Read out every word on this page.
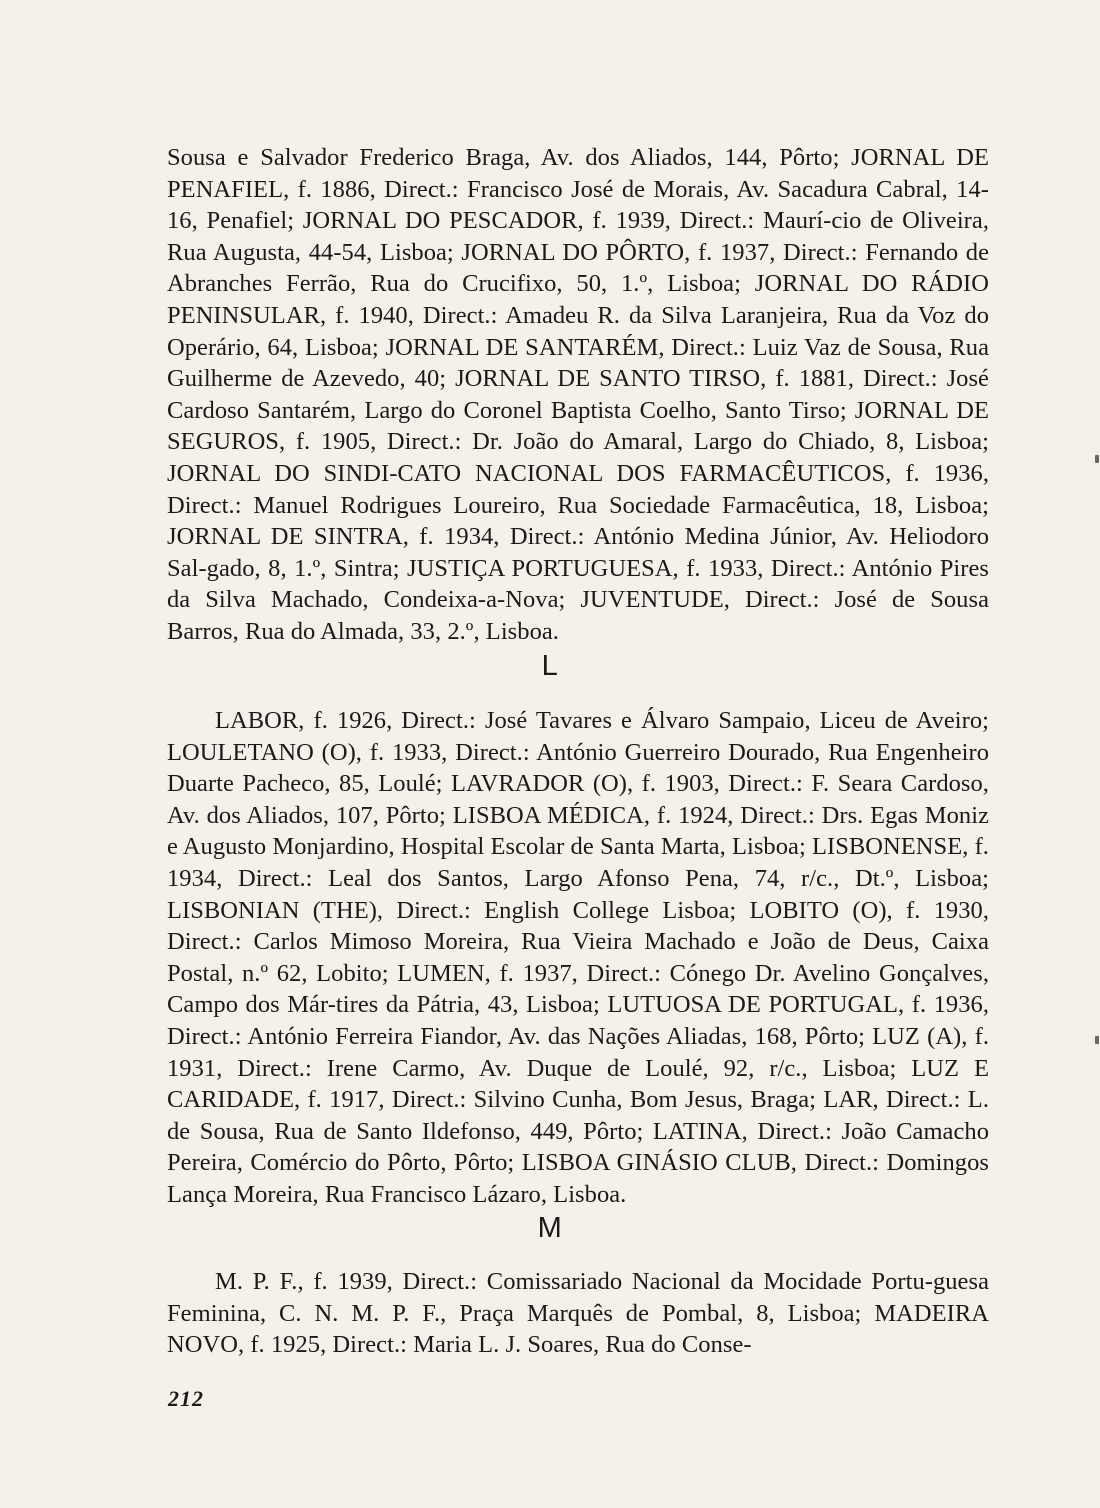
Sousa e Salvador Frederico Braga, Av. dos Aliados, 144, Pôrto; JORNAL DE PENAFIEL, f. 1886, Direct.: Francisco José de Morais, Av. Sacadura Cabral, 14-16, Penafiel; JORNAL DO PESCADOR, f. 1939, Direct.: Maurí-cio de Oliveira, Rua Augusta, 44-54, Lisboa; JORNAL DO PÔRTO, f. 1937, Direct.: Fernando de Abranches Ferrão, Rua do Crucifixo, 50, 1.º, Lisboa; JORNAL DO RÁDIO PENINSULAR, f. 1940, Direct.: Amadeu R. da Silva Laranjeira, Rua da Voz do Operário, 64, Lisboa; JORNAL DE SANTARÉM, Direct.: Luiz Vaz de Sousa, Rua Guilherme de Azevedo, 40; JORNAL DE SANTO TIRSO, f. 1881, Direct.: José Cardoso Santarém, Largo do Coronel Baptista Coelho, Santo Tirso; JORNAL DE SEGUROS, f. 1905, Direct.: Dr. João do Amaral, Largo do Chiado, 8, Lisboa; JORNAL DO SINDI-CATO NACIONAL DOS FARMACÊUTICOS, f. 1936, Direct.: Manuel Rodrigues Loureiro, Rua Sociedade Farmacêutica, 18, Lisboa; JORNAL DE SINTRA, f. 1934, Direct.: António Medina Júnior, Av. Heliodoro Sal-gado, 8, 1.º, Sintra; JUSTIÇA PORTUGUESA, f. 1933, Direct.: António Pires da Silva Machado, Condeixa-a-Nova; JUVENTUDE, Direct.: José de Sousa Barros, Rua do Almada, 33, 2.º, Lisboa.

L

LABOR, f. 1926, Direct.: José Tavares e Álvaro Sampaio, Liceu de Aveiro; LOULETANO (O), f. 1933, Direct.: António Guerreiro Dourado, Rua Engenheiro Duarte Pacheco, 85, Loulé; LAVRADOR (O), f. 1903, Direct.: F. Seara Cardoso, Av. dos Aliados, 107, Pôrto; LISBOA MÉDICA, f. 1924, Direct.: Drs. Egas Moniz e Augusto Monjardino, Hospital Escolar de Santa Marta, Lisboa; LISBONENSE, f. 1934, Direct.: Leal dos Santos, Largo Afonso Pena, 74, r/c., Dt.º, Lisboa; LISBONIAN (THE), Direct.: English College Lisboa; LOBITO (O), f. 1930, Direct.: Carlos Mimoso Moreira, Rua Vieira Machado e João de Deus, Caixa Postal, n.º 62, Lobito; LUMEN, f. 1937, Direct.: Cónego Dr. Avelino Gonçalves, Campo dos Már-tires da Pátria, 43, Lisboa; LUTUOSA DE PORTUGAL, f. 1936, Direct.: António Ferreira Fiandor, Av. das Nações Aliadas, 168, Pôrto; LUZ (A), f. 1931, Direct.: Irene Carmo, Av. Duque de Loulé, 92, r/c., Lisboa; LUZ E CARIDADE, f. 1917, Direct.: Silvino Cunha, Bom Jesus, Braga; LAR, Direct.: L. de Sousa, Rua de Santo Ildefonso, 449, Pôrto; LATINA, Direct.: João Camacho Pereira, Comércio do Pôrto, Pôrto; LISBOA GINÁSIO CLUB, Direct.: Domingos Lança Moreira, Rua Francisco Lázaro, Lisboa.

M

M. P. F., f. 1939, Direct.: Comissariado Nacional da Mocidade Portu-guesa Feminina, C. N. M. P. F., Praça Marquês de Pombal, 8, Lisboa; MADEIRA NOVO, f. 1925, Direct.: Maria L. J. Soares, Rua do Conse-

212
